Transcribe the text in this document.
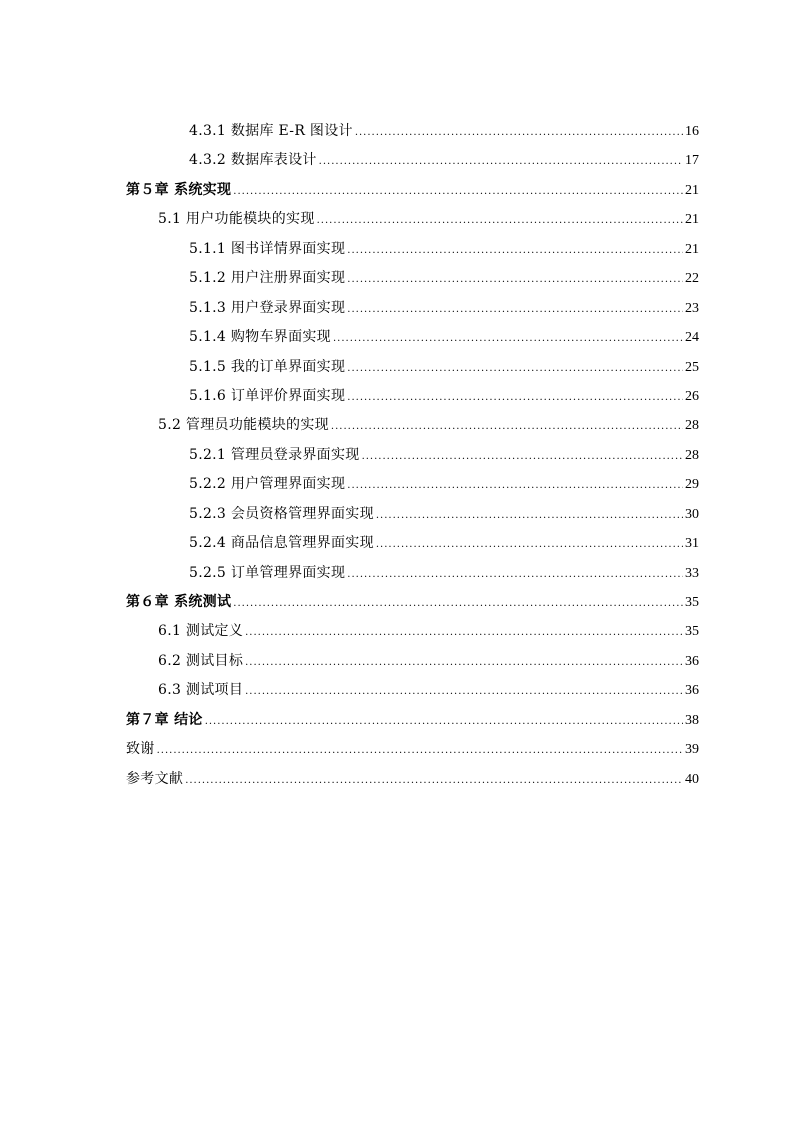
4.3.1 数据库 E-R 图设计 .....	16
4.3.2 数据库表设计 .....	17
第５章 系统实现 .....	21
5.1 用户功能模块的实现 .....	21
5.1.1 图书详情界面实现 .....	21
5.1.2 用户注册界面实现 .....	22
5.1.3 用户登录界面实现 .....	23
5.1.4 购物车界面实现 .....	24
5.1.5 我的订单界面实现 .....	25
5.1.6 订单评价界面实现 .....	26
5.2 管理员功能模块的实现 .....	28
5.2.1 管理员登录界面实现 .....	28
5.2.2 用户管理界面实现 .....	29
5.2.3 会员资格管理界面实现 .....	30
5.2.4 商品信息管理界面实现 .....	31
5.2.5 订单管理界面实现 .....	33
第６章 系统测试 .....	35
6.1 测试定义 .....	35
6.2 测试目标 .....	36
6.3 测试项目 .....	36
第７章 结论 .....	38
致谢 .....	39
参考文献 .....	40
